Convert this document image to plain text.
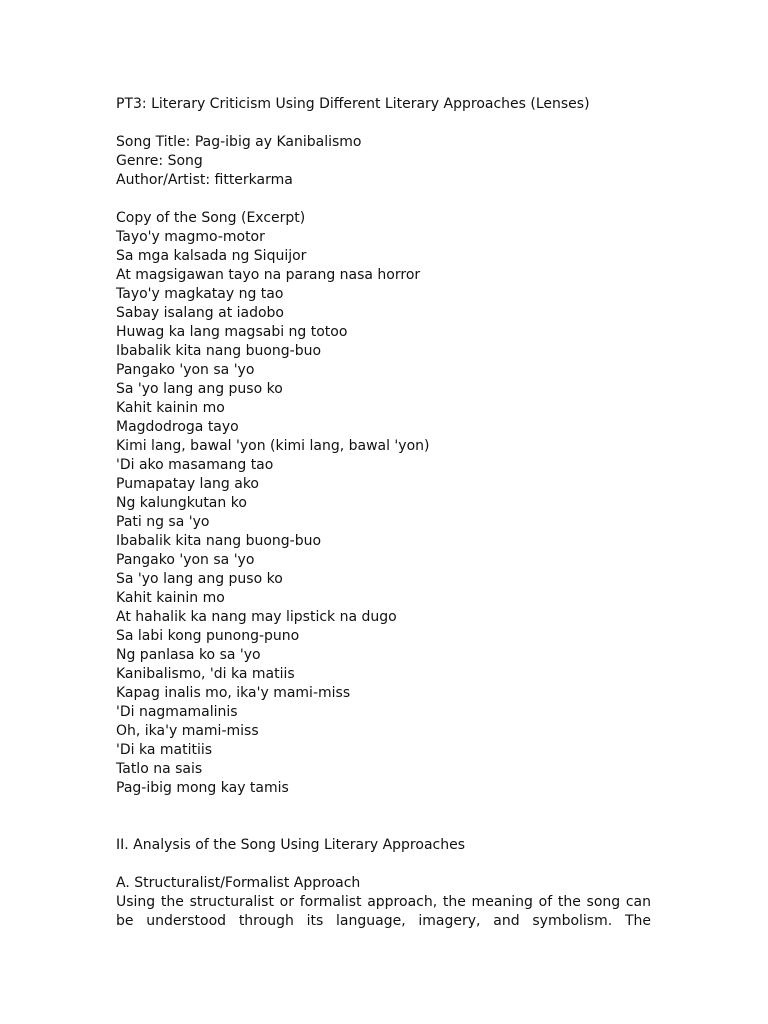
PT3: Literary Criticism Using Different Literary Approaches (Lenses)
Song Title: Pag-ibig ay Kanibalismo
Genre: Song
Author/Artist: fitterkarma
Copy of the Song (Excerpt)
Tayo'y magmo-motor
Sa mga kalsada ng Siquijor
At magsigawan tayo na parang nasa horror
Tayo'y magkatay ng tao
Sabay isalang at iadobo
Huwag ka lang magsabi ng totoo
Ibabalik kita nang buong-buo
Pangako 'yon sa 'yo
Sa 'yo lang ang puso ko
Kahit kainin mo
Magdodroga tayo
Kimi lang, bawal 'yon (kimi lang, bawal 'yon)
'Di ako masamang tao
Pumapatay lang ako
Ng kalungkutan ko
Pati ng sa 'yo
Ibabalik kita nang buong-buo
Pangako 'yon sa 'yo
Sa 'yo lang ang puso ko
Kahit kainin mo
At hahalik ka nang may lipstick na dugo
Sa labi kong punong-puno
Ng panlasa ko sa 'yo
Kanibalismo, 'di ka matiis
Kapag inalis mo, ika'y mami-miss
'Di nagmamalinis
Oh, ika'y mami-miss
'Di ka matitiis
Tatlo na sais
Pag-ibig mong kay tamis
II. Analysis of the Song Using Literary Approaches
A. Structuralist/Formalist Approach
Using the structuralist or formalist approach, the meaning of the song can
be understood through its language, imagery, and symbolism. The
